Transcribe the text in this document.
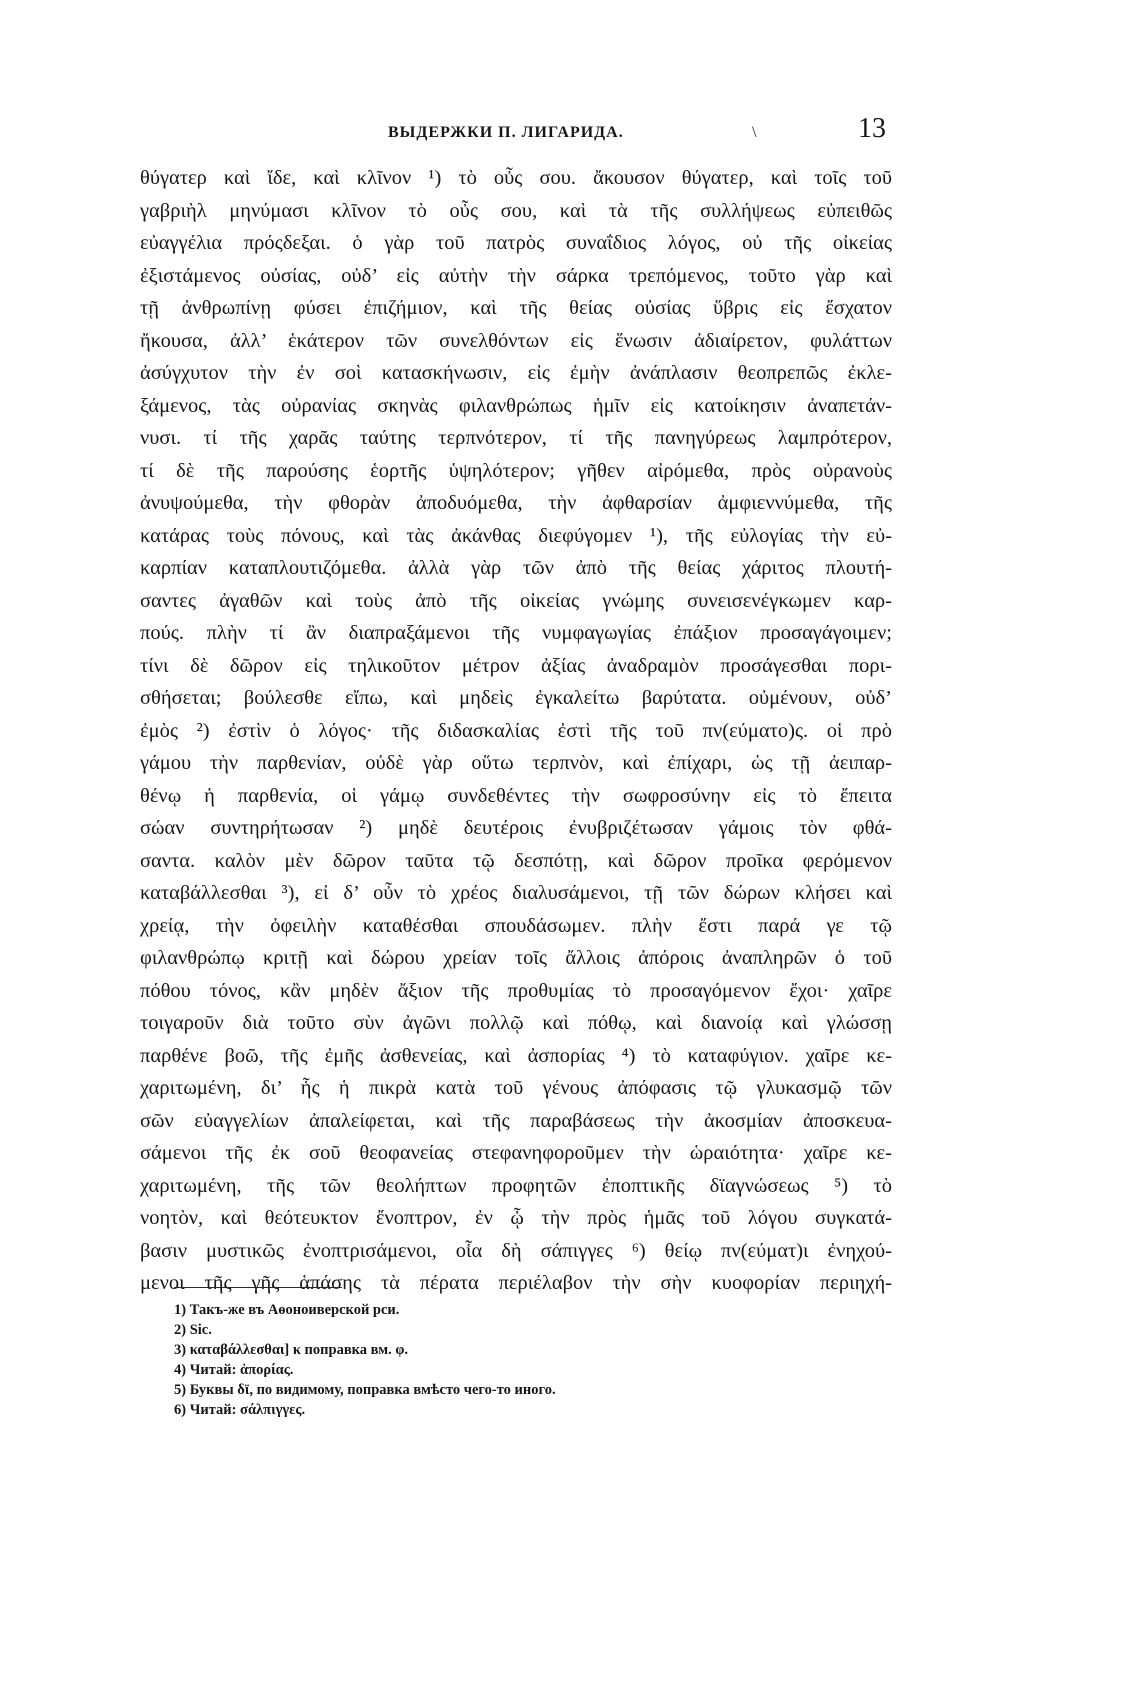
ВЫДЕРЖКИ П. ЛИГАРИДА.	\	13
θύγατερ καὶ ἴδε, καὶ κλῖνον ¹) τὸ οὖς σου. ἄκουσον θύγατερ, καὶ τοῖς τοῦ
γαβριὴλ μηνύμασι κλῖνον τὸ οὖς σου, καὶ τὰ τῆς συλλήψεως εὐπειθῶς
εὐαγγέλια πρόςδεξαι. ὁ γὰρ τοῦ πατρὸς συναΐδιος λόγος, οὐ τῆς οἰκείας
ἐξιστάμενος οὐσίας, οὐδ’ εἰς αὐτὴν τὴν σάρκα τρεπόμενος, τοῦτο γὰρ καὶ
τῇ ἀνθρωπίνῃ φύσει ἐπιζήμιον, καὶ τῆς θείας οὐσίας ὕβρις εἰς ἔσχατον
ἤκουσα, ἀλλ’ ἑκάτερον τῶν συνελθόντων εἰς ἕνωσιν ἀδιαίρετον, φυλάττων
ἀσύγχυτον τὴν ἐν σοὶ κατασκήνωσιν, εἰς ἐμὴν ἀνάπλασιν θεοπρεπῶς ἐκλε-
ξάμενος, τὰς οὐρανίας σκηνὰς φιλανθρώπως ἡμῖν εἰς κατοίκησιν ἀναπετάν-
νυσι. τί τῆς χαρᾶς ταύτης τερπνότερον, τί τῆς πανηγύρεως λαμπρότερον,
τί δὲ τῆς παρούσης ἑορτῆς ὑψηλότερον; γῆθεν αἰρόμεθα, πρὸς οὐρανοὺς
ἀνυψούμεθα, τὴν φθορὰν ἀποδυόμεθα, τὴν ἀφθαρσίαν ἀμφιεννύμεθα, τῆς
κατάρας τοὺς πόνους, καὶ τὰς ἀκάνθας διεφύγομεν ¹), τῆς εὐλογίας τὴν εὐ-
καρπίαν καταπλουτιζόμεθα. ἀλλὰ γὰρ τῶν ἀπὸ τῆς θείας χάριτος πλουτή-
σαντες ἀγαθῶν καὶ τοὺς ἀπὸ τῆς οἰκείας γνώμης συνεισενέγκωμεν καρ-
πούς. πλὴν τί ἂν διαπραξάμενοι τῆς νυμφαγωγίας ἐπάξιον προσαγάγοιμεν;
τίνι δὲ δῶρον εἰς τηλικοῦτον μέτρον ἀξίας ἀναδραμὸν προσάγεσθαι πορι-
σθήσεται; βούλεσθε εἴπω, καὶ μηδεὶς ἐγκαλείτω βαρύτατα. οὐμένουν, οὐδ’
ἐμὸς ²) ἐστὶν ὁ λόγος· τῆς διδασκαλίας ἐστὶ τῆς τοῦ πν(εύματο)ς. οἱ πρὸ
γάμου τὴν παρθενίαν, οὐδὲ γὰρ οὕτω τερπνὸν, καὶ ἐπίχαρι, ὡς τῇ ἀειπαρ-
θένῳ ἡ παρθενία, οἱ γάμῳ συνδεθέντες τὴν σωφροσύνην εἰς τὸ ἔπειτα
σώαν συντηρήτωσαν ²) μηδὲ δευτέροις ἐνυβριζέτωσαν γάμοις τὸν φθά-
σαντα. καλὸν μὲν δῶρον ταῦτα τῷ δεσπότῃ, καὶ δῶρον προῖκα φερόμενον
καταβάλλεσθαι ³), εἰ δ’ οὖν τὸ χρέος διαλυσάμενοι, τῇ τῶν δώρων κλήσει καὶ
χρείᾳ, τὴν ὀφειλὴν καταθέσθαι σπουδάσωμεν. πλὴν ἔστι παρά γε τῷ
φιλανθρώπῳ κριτῇ καὶ δώρου χρείαν τοῖς ἄλλοις ἀπόροις ἀναπληρῶν ὁ τοῦ
πόθου τόνος, κἂν μηδὲν ἄξιον τῆς προθυμίας τὸ προσαγόμενον ἔχοι· χαῖρε
τοιγαροῦν διὰ τοῦτο σὺν ἀγῶνι πολλῷ καὶ πόθῳ, καὶ διανοίᾳ καὶ γλώσσῃ
παρθένε βοῶ, τῆς ἐμῆς ἀσθενείας, καὶ ἀσπορίας ⁴) τὸ καταφύγιον. χαῖρε κε-
χαριτωμένη, δι’ ἧς ἡ πικρὰ κατὰ τοῦ γένους ἀπόφασις τῷ γλυκασμῷ τῶν
σῶν εὐαγγελίων ἀπαλείφεται, καὶ τῆς παραβάσεως τὴν ἀκοσμίαν ἀποσκευα-
σάμενοι τῆς ἐκ σοῦ θεοφανείας στεφανηφοροῦμεν τὴν ὡραιότητα· χαῖρε κε-
χαριτωμένη, τῆς τῶν θεολήπτων προφητῶν ἐποπτικῆς δϊαγνώσεως ⁵) τὸ
νοητὸν, καὶ θεότευκτον ἔνοπτρον, ἐν ᾧ τὴν πρὸς ἡμᾶς τοῦ λόγου συγκατά-
βασιν μυστικῶς ἐνοπτρισάμενοι, οἷα δὴ σάπιγγες ⁶) θείῳ πν(εύματ)ι ἐνηχού-
μενοι τῆς γῆς ἁπάσης τὰ πέρατα περιέλαβον τὴν σὴν κυοφορίαν περιηχή-
1) Такъ-же въ Аѳонoиверской рси.
2) Sic.
3) καταβάλλεσθαι] κ поправка вм. φ.
4) Читай: ἀπορίας.
5) Буквы δϊ, по видимому, поправка вмѣсто чего-то иного.
6) Читай: σάλπιγγες.
